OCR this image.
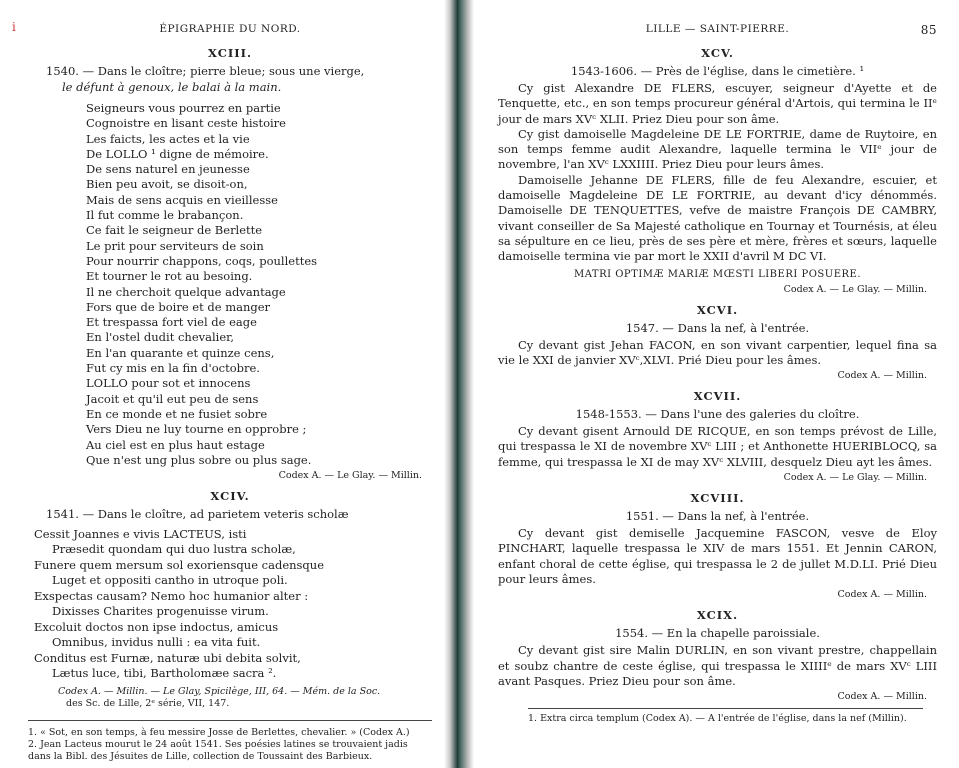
i	ÉPIGRAPHIE DU NORD.
XCIII.
1540. — Dans le cloître; pierre bleue; sous une vierge,
le défunt à genoux, le balai à la main.
Seigneurs vous pourrez en partie
Cognoistre en lisant ceste histoire
Les faicts, les actes et la vie
De LOLLO ¹ digne de mémoire.
De sens naturel en jeunesse
Bien peu avoit, se disoit-on,
Mais de sens acquis en vieillesse
Il fut comme le brabançon.
Ce fait le seigneur de Berlette
Le prit pour serviteurs de soin
Pour nourrir chappons, coqs, poullettes
Et tourner le rot au besoing.
Il ne cherchoit quelque advantage
Fors que de boire et de manger
Et trespassa fort viel de eage
En l'ostel dudit chevalier,
En l'an quarante et quinze cens,
Fut cy mis en la fin d'octobre.
LOLLO pour sot et innocens
Jacoit et qu'il eut peu de sens
En ce monde et ne fusiet sobre
Vers Dieu ne luy tourne en opprobre ;
Au ciel est en plus haut estage
Que n'est ung plus sobre ou plus sage.
Codex A. — Le Glay. — Millin.
XCIV.
1541. — Dans le cloître, ad parietem veteris scholæ
Cessit Joannes e vivis LACTEUS, isti
Præsedit quondam qui duo lustra scholæ,
Funere quem mersum sol exoriensque cadensque
Luget et oppositi cantho in utroque poli.
Exspectas causam? Nemo hoc humanior alter :
Dixisses Charites progenuisse virum.
Excoluit doctos non ipse indoctus, amicus
Omnibus, invidus nulli : ea vita fuit.
Conditus est Furnæ, naturæ ubi debita solvit,
Lætus luce, tibi, Bartholomæe sacra ².
Codex A. — Millin. — Le Glay, Spicilège, III, 64. — Mém. de la Soc.
des Sc. de Lille, 2ᵉ série, VII, 147.
1. « Sot, en son temps, à feu messire Josse de Berlettes, chevalier. » (Codex A.)
2. Jean Lacteus mourut le 24 août 1541. Ses poésies latines se trouvaient jadis
dans la Bibl. des Jésuites de Lille, collection de Toussaint des Barbieux.
LILLE — SAINT-PIERRE.	85
XCV.
1543-1606. — Près de l'église, dans le cimetière. ¹

Cy gist Alexandre DE FLERS, escuyer, seigneur d'Ayette et de Tenquette, etc., en son temps procureur général d'Artois, qui termina le IIᵉ jour de mars XVᶜ XLII. Priez Dieu pour son âme.

Cy gist damoiselle Magdeleine DE LE FORTRIE, dame de Ruytoire, en son temps femme audit Alexandre, laquelle termina le VIIᵉ jour de novembre, l'an XVᶜ LXXIIII. Priez Dieu pour leurs âmes.

Damoiselle Jehanne DE FLERS, fille de feu Alexandre, escuier, et damoiselle Magdeleine DE LE FORTRIE, au devant d'icy dénommés. Damoiselle DE TENQUETTES, vefve de maistre François DE CAMBRY, vivant conseiller de Sa Majesté catholique en Tournay et Tournésis, at éleu sa sépulture en ce lieu, près de ses père et mère, frères et sœurs, laquelle damoiselle termina vie par mort le XXII d'avril M DC VI.

MATRI OPTIMÆ MARIÆ MŒSTI LIBERI POSUERE.
Codex A. — Le Glay. — Millin.
XCVI.
1547. — Dans la nef, à l'entrée.

Cy devant gist Jehan FACON, en son vivant carpentier, lequel fina sa vie le XXI de janvier XVᶜ,XLVI. Prié Dieu pour les âmes.

Codex A. — Millin.
XCVII.
1548-1553. — Dans l'une des galeries du cloître.

Cy devant gisent Arnould DE RICQUE, en son temps prévost de Lille, qui trespassa le XI de novembre XVᶜ LIII ; et Anthonette HUERIBLOCQ, sa femme, qui trespassa le XI de may XVᶜ XLVIII, desquelz Dieu ayt les âmes.

Codex A. — Le Glay. — Millin.
XCVIII.
1551. — Dans la nef, à l'entrée.

Cy devant gist demiselle Jacquemine FASCON, vesve de Eloy PINCHART, laquelle trespassa le XIV de mars 1551. Et Jennin CARON, enfant choral de cette église, qui trespassa le 2 de jullet M.D.LI. Prié Dieu pour leurs âmes.

Codex A. — Millin.
XCIX.
1554. — En la chapelle paroissiale.

Cy devant gist sire Malin DURLIN, en son vivant prestre, chappellain et soubz chantre de ceste église, qui trespassa le XIIIIᵉ de mars XVᶜ LIII avant Pasques. Priez Dieu pour son âme.

Codex A. — Millin.
1. Extra circa templum (Codex A). — A l'entrée de l'église, dans la nef (Millin).
